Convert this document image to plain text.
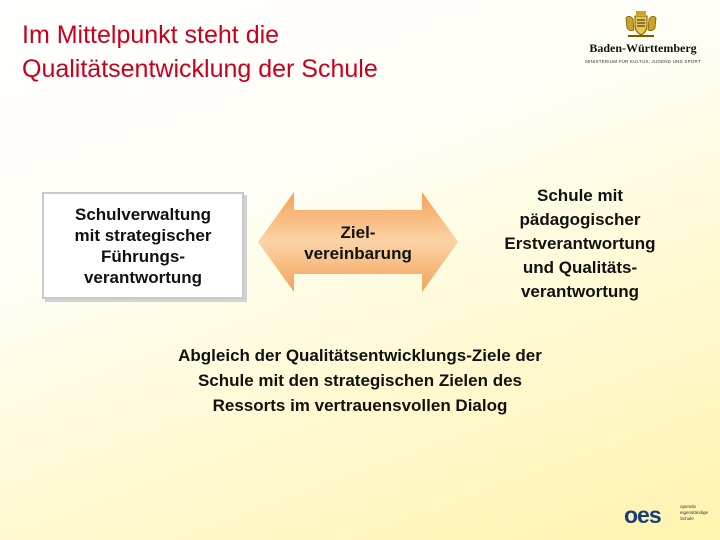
Im Mittelpunkt steht die
Qualitätsentwicklung der Schule
Baden-Württemberg
MINISTERIUM FÜR KULTUS, JUGEND UND SPORT
Schulverwaltung
mit strategischer
Führungs-
verantwortung
Ziel-
vereinbarung
Schule mit
pädagogischer
Erstverantwortung
und Qualitäts-
verantwortung
Abgleich der Qualitätsentwicklungs-Ziele der
Schule mit den strategischen Zielen des
Ressorts im vertrauensvollen Dialog
oes	operativ
eigenständige
Schule
